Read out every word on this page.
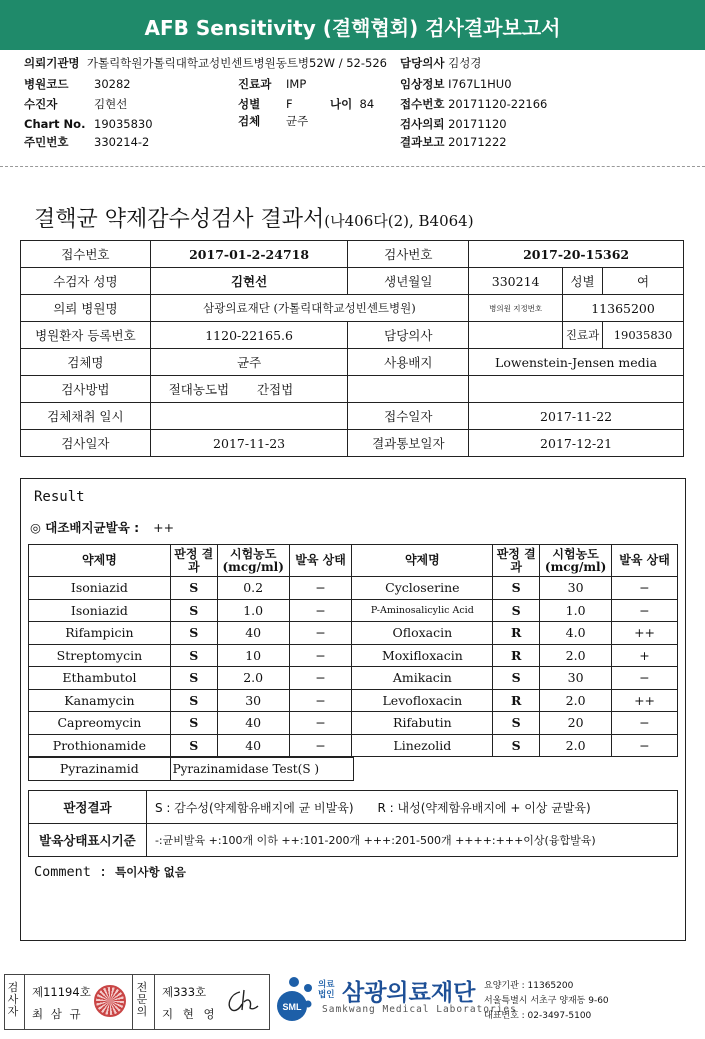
AFB Sensitivity (결핵협회) 검사결과보고서
의뢰기관명 가톨릭학원가톨릭대학교성빈센트병원동트병52W / 52-526 담당의사 김성경
병원코드 30282	진료과 IMP	임상정보 I767L1HU0
수진자	김현선	성별 F	나이 84 접수번호 20171120-22166
Chart No. 19035830	검체 균주	검사의뢰 20171120
주민번호 330214-2	결과보고 20171222
결핵균 약제감수성검사 결과서(나406다(2), B4064)
접수번호	2017-01-2-24718	검사번호	2017-20-15362		
수검자 성명	김현선	생년월일	330214	성별	여
의뢰 병원명	삼광의료재단 (가톨릭대학교성빈센트병원)		병의원 지정번호	11365200	
병원환자 등록번호	1120-22165.6	담당의사		진료과	19035830
검체명	균주	사용배지	Lowenstein-Jensen media		
검사방법	절대농도법 간접법				
검체채취 일시		접수일자	2017-11-22		
검사일자	2017-11-23	결과통보일자	2017-12-21		
Result
◎ 대조배지균발육 : ++
약제명	판정 결과	시험농도 (mcg/ml)	발육 상태	약제명	판정 결과	시험농도 (mcg/ml)	발육 상태
Isoniazid	S	0.2	−	Cycloserine	S	30	−
Isoniazid	S	1.0	−	P-Aminosalicylic Acid	S	1.0	−
Rifampicin	S	40	−	Ofloxacin	R	4.0	++
Streptomycin	S	10	−	Moxifloxacin	R	2.0	+
Ethambutol	S	2.0	−	Amikacin	S	30	−
Kanamycin	S	30	−	Levofloxacin	R	2.0	++
Capreomycin	S	40	−	Rifabutin	S	20	−
Prothionamide	S	40	−	Linezolid	S	2.0	−
Pyrazinamid	Pyrazinamidase Test(S )
판정결과	S : 감수성(약제함유배지에 균 비발육)　　R : 내성(약제함유배지에 + 이상 균발육)
발육상태표시기준	-:균비발육 +:100개 이하 ++:101-200개 +++:201-500개 ++++:+++이상(융합발육)
Comment : 특이사항 없음
검사자
제11194호
최 삼 규
전문의
제333호
지 현 영	SML
의료법인 삼광의료재단
Samkwang Medical Laboratories
요양기관 : 11365200
서울특별시 서초구 양재동 9-60
대표번호 : 02-3497-5100
